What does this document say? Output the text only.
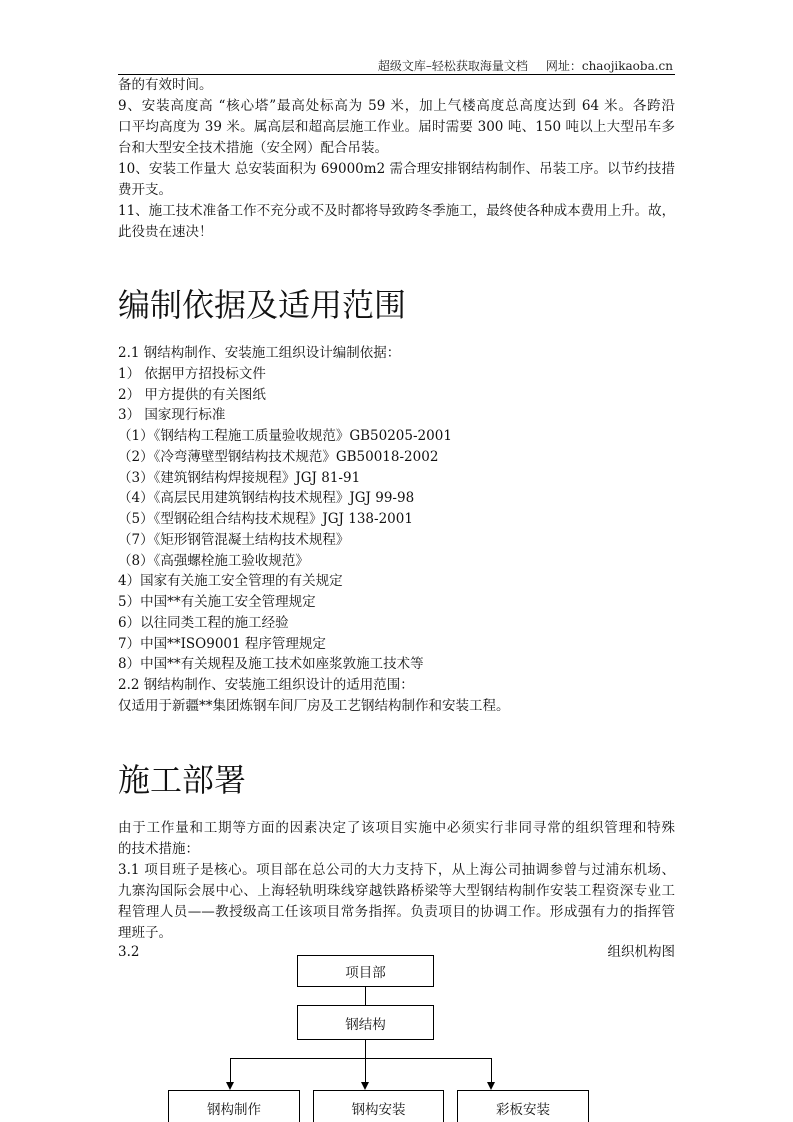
超级文库–轻松获取海量文档 网址：chaojikaoba.cn
备的有效时间。
9、安装高度高 “核心塔”最高处标高为 59 米，加上气楼高度总高度达到 64 米。各跨沿
口平均高度为 39 米。属高层和超高层施工作业。届时需要 300 吨、150 吨以上大型吊车多
台和大型安全技术措施（安全网）配合吊装。
10、安装工作量大 总安装面积为 69000m2 需合理安排钢结构制作、吊装工序。以节约技措
费开支。
11、施工技术准备工作不充分或不及时都将导致跨冬季施工，最终使各种成本费用上升。故，
此役贵在速决！
编制依据及适用范围
2.1 钢结构制作、安装施工组织设计编制依据：
1） 依据甲方招投标文件
2） 甲方提供的有关图纸
3） 国家现行标准
（1）《钢结构工程施工质量验收规范》GB50205-2001
（2）《冷弯薄壁型钢结构技术规范》GB50018-2002
（3）《建筑钢结构焊接规程》JGJ 81-91
（4）《高层民用建筑钢结构技术规程》JGJ 99-98
（5）《型钢砼组合结构技术规程》JGJ 138-2001
（7）《矩形钢管混凝土结构技术规程》
（8）《高强螺栓施工验收规范》
4）国家有关施工安全管理的有关规定
5）中国**有关施工安全管理规定
6）以往同类工程的施工经验
7）中国**ISO9001 程序管理规定
8）中国**有关规程及施工技术如座浆敦施工技术等
2.2 钢结构制作、安装施工组织设计的适用范围：
仅适用于新疆**集团炼钢车间厂房及工艺钢结构制作和安装工程。
施工部署
由于工作量和工期等方面的因素决定了该项目实施中必须实行非同寻常的组织管理和特殊
的技术措施：
3.1 项目班子是核心。项目部在总公司的大力支持下，从上海公司抽调参曾与过浦东机场、
九寨沟国际会展中心、上海轻轨明珠线穿越铁路桥梁等大型钢结构制作安装工程资深专业工
程管理人员——教授级高工任该项目常务指挥。负责项目的协调工作。形成强有力的指挥管
理班子。
3.2	组织机构图
项目部
钢结构
钢构制作	钢构安装	彩板安装
